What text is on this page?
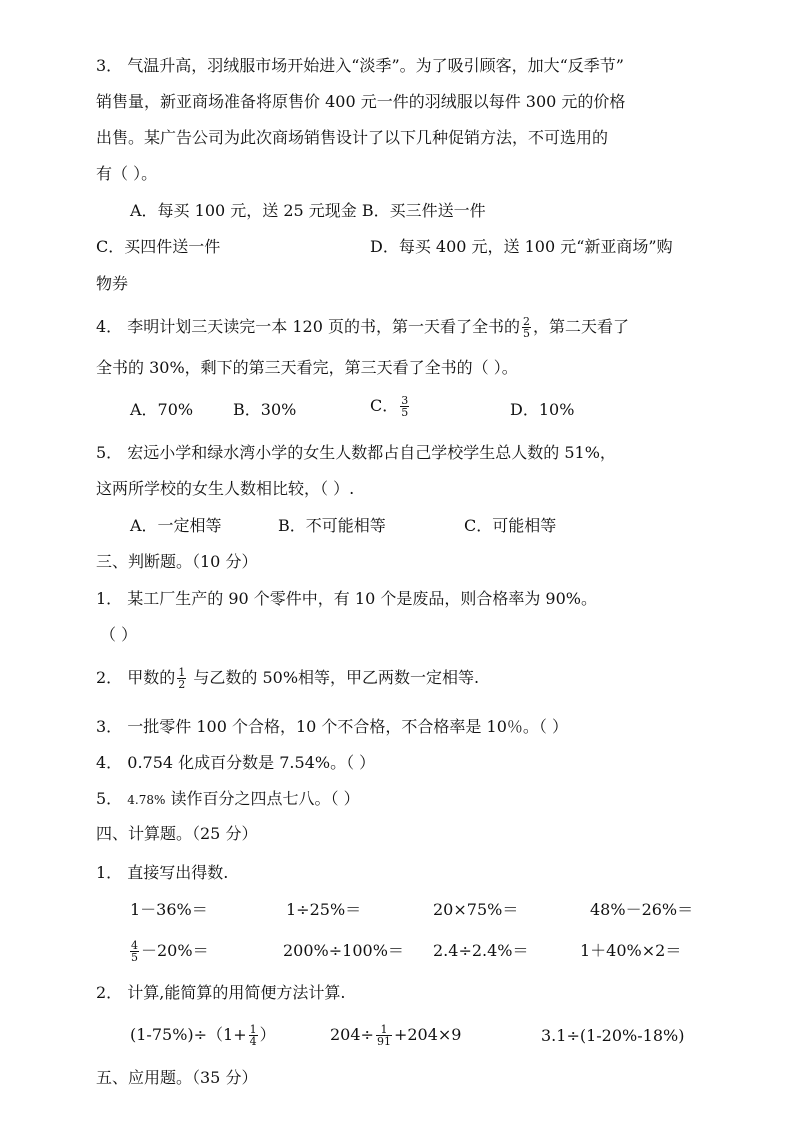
3． 气温升高，羽绒服市场开始进入“淡季”。为了吸引顾客，加大“反季节”
销售量，新亚商场准备将原售价 400 元一件的羽绒服以每件 300 元的价格
出售。某广告公司为此次商场销售设计了以下几种促销方法，不可选用的
有（ ）。
A．每买 100 元，送 25 元现金 B．买三件送一件
C．买四件送一件	D．每买 400 元，送 100 元“新亚商场”购
物券
4． 李明计划三天读完一本 120 页的书，第一天看了全书的 $\frac{2}{5}$ ，第二天看了
全书的 30%，剩下的第三天看完，第三天看了全书的（ ）。
A．70% B．30%	C． $\frac{3}{5}$	D．10%
5． 宏远小学和绿水湾小学的女生人数都占自己学校学生总人数的 51%，
这两所学校的女生人数相比较，（ ）.
A．一定相等	B．不可能相等	C．可能相等
三、判断题。（10 分）
1． 某工厂生产的 90 个零件中，有 10 个是废品，则合格率为 90%。
（ ）
2． 甲数的 $\frac{1}{2}$ 与乙数的 50%相等，甲乙两数一定相等.
3． 一批零件 100 个合格，10 个不合格，不合格率是 10％。（ ）
4． 0.754 化成百分数是 7.54%。（ ）
5． 4.78% 读作百分之四点七八。（ ）
四、计算题。（25 分）
1． 直接写出得数.
1－36%＝	1÷25%＝	20×75%＝	48%－26%＝
$\frac{4}{5} -20\%=$	200%÷100%＝ 2.4÷2.4%＝	1＋40%×2＝
2． 计算,能简算的用简便方法计算.
$(1-75\%)\div(1+ \frac{1}{4}$ ）	$204\div \frac{1}{91} +204\times 9$	3.1÷(1-20%-18%)
五、应用题。（35 分）
